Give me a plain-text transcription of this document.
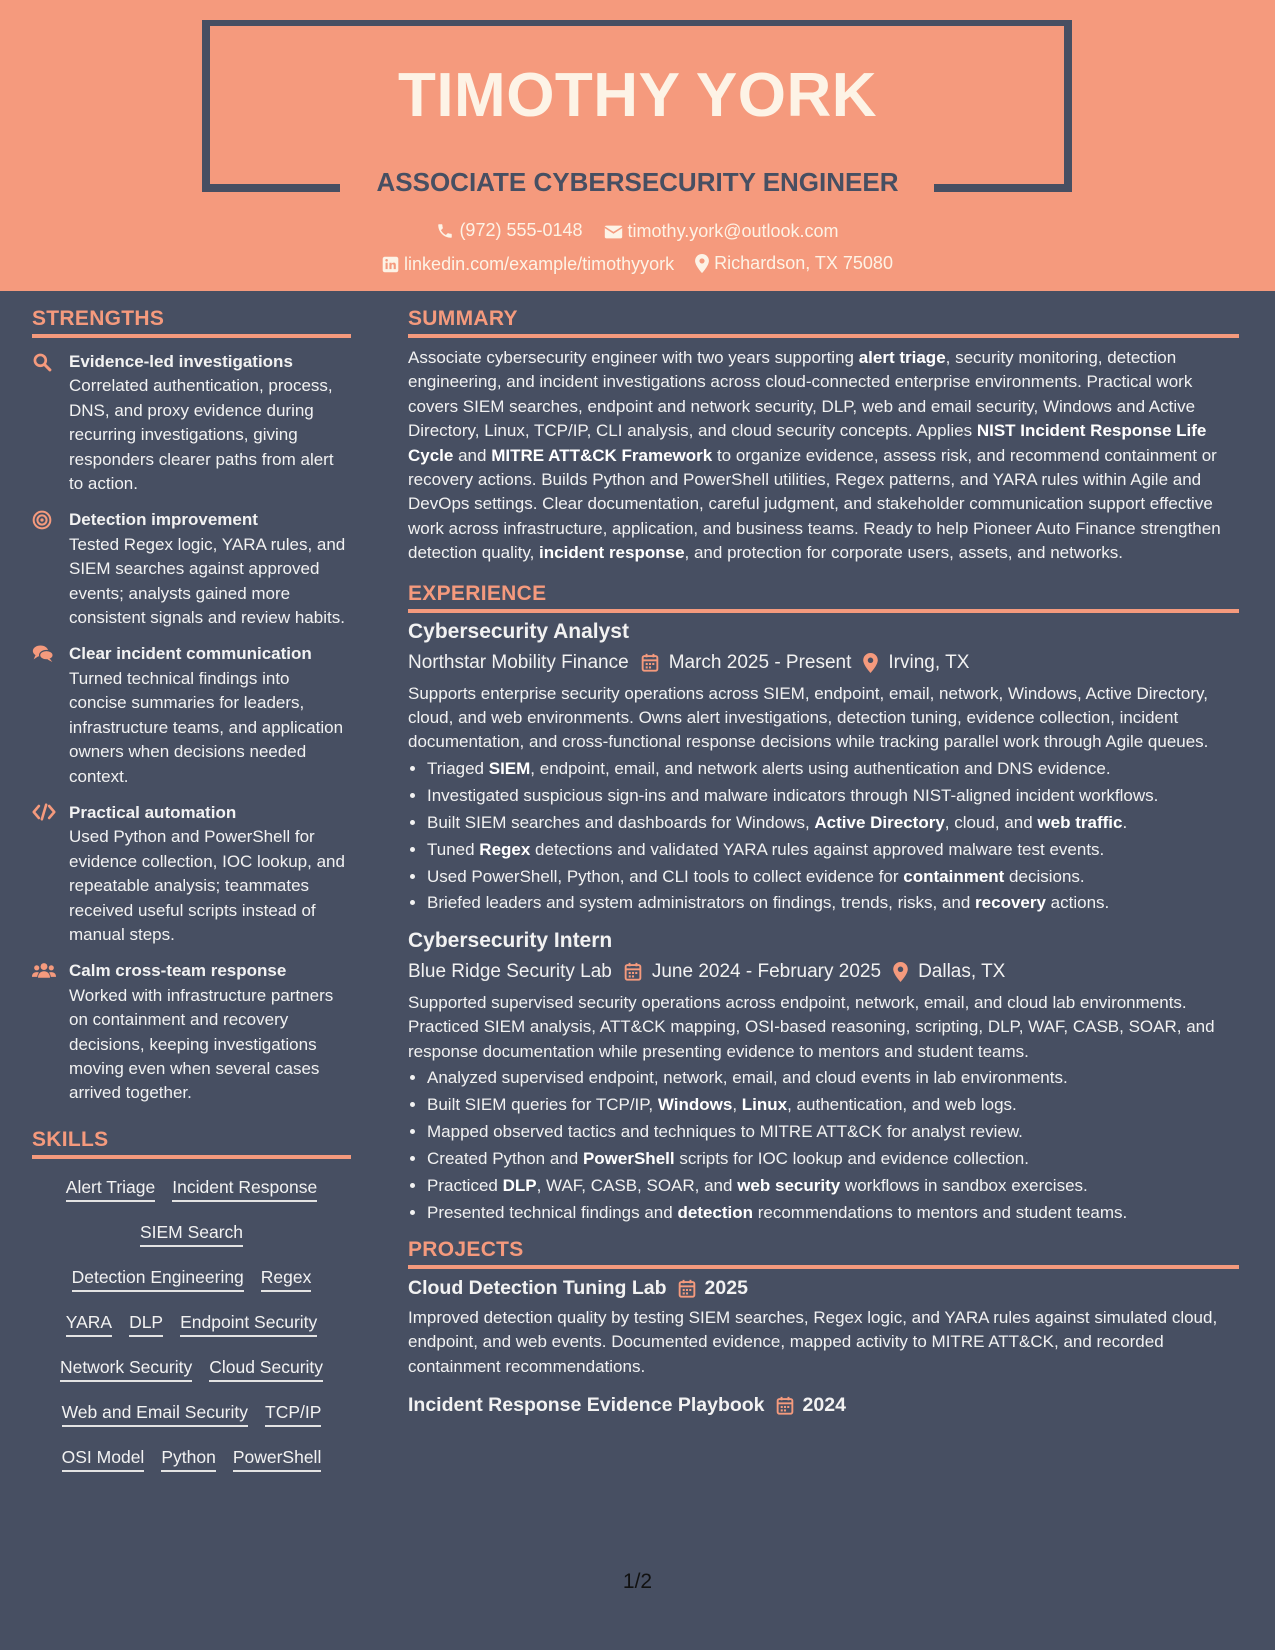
TIMOTHY YORK
ASSOCIATE CYBERSECURITY ENGINEER
(972) 555-0148
	timothy.york@outlook.com
linkedin.com/example/timothyyork
Richardson, TX 75080
STRENGTHS
Evidence-led investigations
Correlated authentication, process, DNS, and proxy evidence during recurring investigations, giving responders clearer paths from alert to action.
Detection improvement
Tested Regex logic, YARA rules, and SIEM searches against approved events; analysts gained more consistent signals and review habits.
Clear incident communication
Turned technical findings into concise summaries for leaders, infrastructure teams, and application owners when decisions needed context.
Practical automation
Used Python and PowerShell for evidence collection, IOC lookup, and repeatable analysis; teammates received useful scripts instead of manual steps.
Calm cross-team response
Worked with infrastructure partners on containment and recovery decisions, keeping investigations moving even when several cases arrived together.
SKILLS
Alert Triage Incident Response
SIEM Search
Detection Engineering Regex
YARA DLP Endpoint Security
Network Security Cloud Security
Web and Email Security TCP/IP
OSI Model Python PowerShell
SUMMARY
Associate cybersecurity engineer with two years supporting alert triage, security monitoring, detection engineering, and incident investigations across cloud-connected enterprise environments. Practical work covers SIEM searches, endpoint and network security, DLP, web and email security, Windows and Active Directory, Linux, TCP/IP, CLI analysis, and cloud security concepts. Applies NIST Incident Response Life Cycle and MITRE ATT&CK Framework to organize evidence, assess risk, and recommend containment or recovery actions. Builds Python and PowerShell utilities, Regex patterns, and YARA rules within Agile and DevOps settings. Clear documentation, careful judgment, and stakeholder communication support effective work across infrastructure, application, and business teams. Ready to help Pioneer Auto Finance strengthen detection quality, incident response, and protection for corporate users, assets, and networks.
EXPERIENCE
Cybersecurity Analyst
Northstar Mobility Finance March 2025 - Present Irving, TX
Supports enterprise security operations across SIEM, endpoint, email, network, Windows, Active Directory, cloud, and web environments. Owns alert investigations, detection tuning, evidence collection, incident documentation, and cross-functional response decisions while tracking parallel work through Agile queues.
• Triaged SIEM, endpoint, email, and network alerts using authentication and DNS evidence.
• Investigated suspicious sign-ins and malware indicators through NIST-aligned incident workflows.
• Built SIEM searches and dashboards for Windows, Active Directory, cloud, and web traffic.
• Tuned Regex detections and validated YARA rules against approved malware test events.
• Used PowerShell, Python, and CLI tools to collect evidence for containment decisions.
• Briefed leaders and system administrators on findings, trends, risks, and recovery actions.
Cybersecurity Intern
Blue Ridge Security Lab June 2024 - February 2025 Dallas, TX
Supported supervised security operations across endpoint, network, email, and cloud lab environments. Practiced SIEM analysis, ATT&CK mapping, OSI-based reasoning, scripting, DLP, WAF, CASB, SOAR, and response documentation while presenting evidence to mentors and student teams.
• Analyzed supervised endpoint, network, email, and cloud events in lab environments.
• Built SIEM queries for TCP/IP, Windows, Linux, authentication, and web logs.
• Mapped observed tactics and techniques to MITRE ATT&CK for analyst review.
• Created Python and PowerShell scripts for IOC lookup and evidence collection.
• Practiced DLP, WAF, CASB, SOAR, and web security workflows in sandbox exercises.
• Presented technical findings and detection recommendations to mentors and student teams.
PROJECTS
Cloud Detection Tuning Lab 2025
Improved detection quality by testing SIEM searches, Regex logic, and YARA rules against simulated cloud, endpoint, and web events. Documented evidence, mapped activity to MITRE ATT&CK, and recorded containment recommendations.
Incident Response Evidence Playbook 2024
1/2
